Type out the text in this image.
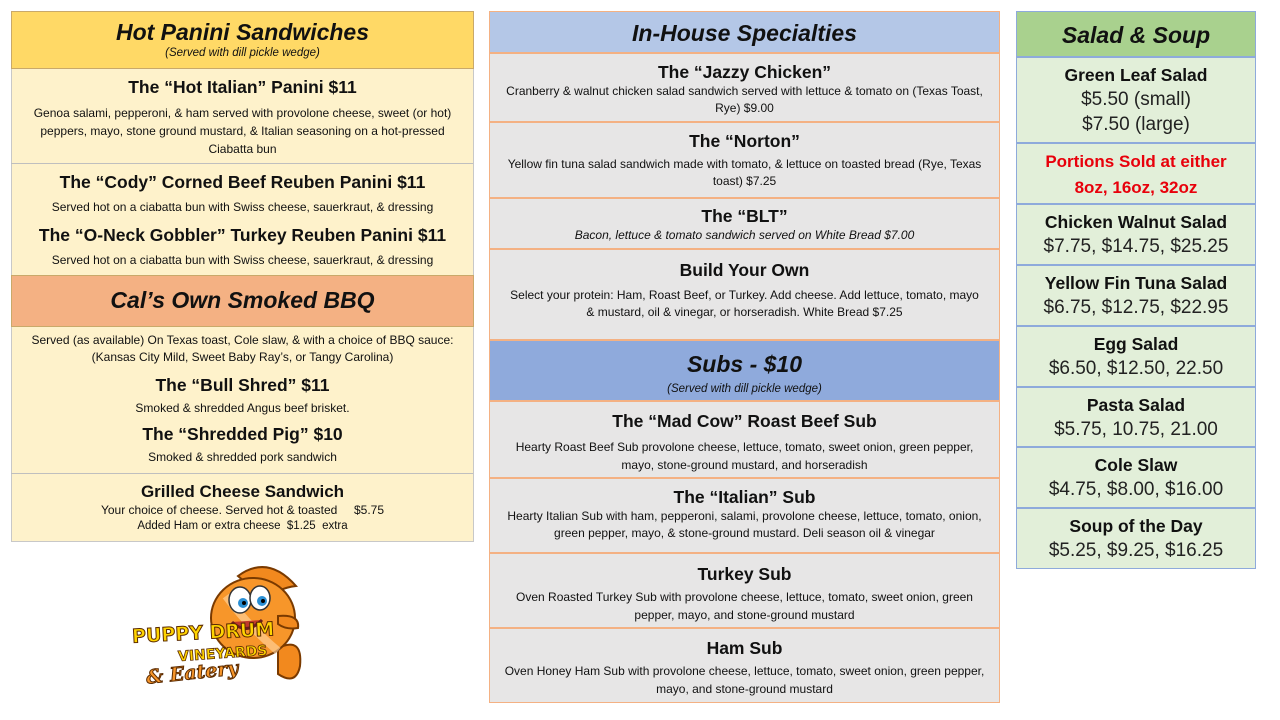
Hot Panini Sandwiches
(Served with dill pickle wedge)
The “Hot Italian” Panini $11
Genoa salami, pepperoni, & ham served with provolone cheese, sweet (or hot) peppers, mayo, stone ground mustard, & Italian seasoning on a hot-pressed Ciabatta bun
The “Cody” Corned Beef Reuben Panini $11
Served hot on a ciabatta bun with Swiss cheese, sauerkraut, & dressing
The “O-Neck Gobbler” Turkey Reuben Panini $11
Served hot on a ciabatta bun with Swiss cheese, sauerkraut, & dressing
Cal’s Own Smoked BBQ
Served (as available) On Texas toast, Cole slaw, & with a choice of BBQ sauce: (Kansas City Mild, Sweet Baby Ray’s, or Tangy Carolina)
The “Bull Shred” $11
Smoked & shredded Angus beef brisket.
The “Shredded Pig” $10
Smoked & shredded pork sandwich
Grilled Cheese Sandwich
Your choice of cheese. Served hot & toasted     $5.75
Added Ham or extra cheese  $1.25  extra
PUPPY DRUM
VINEYARDS
& Eatery
In-House Specialties
The “Jazzy Chicken”
Cranberry & walnut chicken salad sandwich served with lettuce & tomato on (Texas Toast, Rye) $9.00
The “Norton”
Yellow fin tuna salad sandwich made with tomato, & lettuce on toasted bread (Rye, Texas toast) $7.25
The “BLT”
Bacon, lettuce & tomato sandwich served on White Bread $7.00
Build Your Own
Select your protein: Ham, Roast Beef, or Turkey. Add cheese. Add lettuce, tomato, mayo & mustard, oil & vinegar, or horseradish. White Bread $7.25
Subs - $10
(Served with dill pickle wedge)
The “Mad Cow” Roast Beef Sub
Hearty Roast Beef Sub provolone cheese, lettuce, tomato, sweet onion, green pepper, mayo, stone-ground mustard, and horseradish
The “Italian” Sub
Hearty Italian Sub with ham, pepperoni, salami, provolone cheese, lettuce, tomato, onion, green pepper, mayo, & stone-ground mustard. Deli season oil & vinegar
Turkey Sub
Oven Roasted Turkey Sub with provolone cheese, lettuce, tomato, sweet onion, green pepper, mayo, and stone-ground mustard
Ham Sub
Oven Honey Ham Sub with provolone cheese, lettuce, tomato, sweet onion, green pepper, mayo, and stone-ground mustard
Salad & Soup
Green Leaf Salad
$5.50 (small)
$7.50 (large)
Portions Sold at either
8oz, 16oz, 32oz
Chicken Walnut Salad
$7.75, $14.75, $25.25
Yellow Fin Tuna Salad
$6.75, $12.75, $22.95
Egg Salad
$6.50, $12.50, 22.50
Pasta Salad
$5.75, 10.75, 21.00
Cole Slaw
$4.75, $8.00, $16.00
Soup of the Day
$5.25, $9.25, $16.25
